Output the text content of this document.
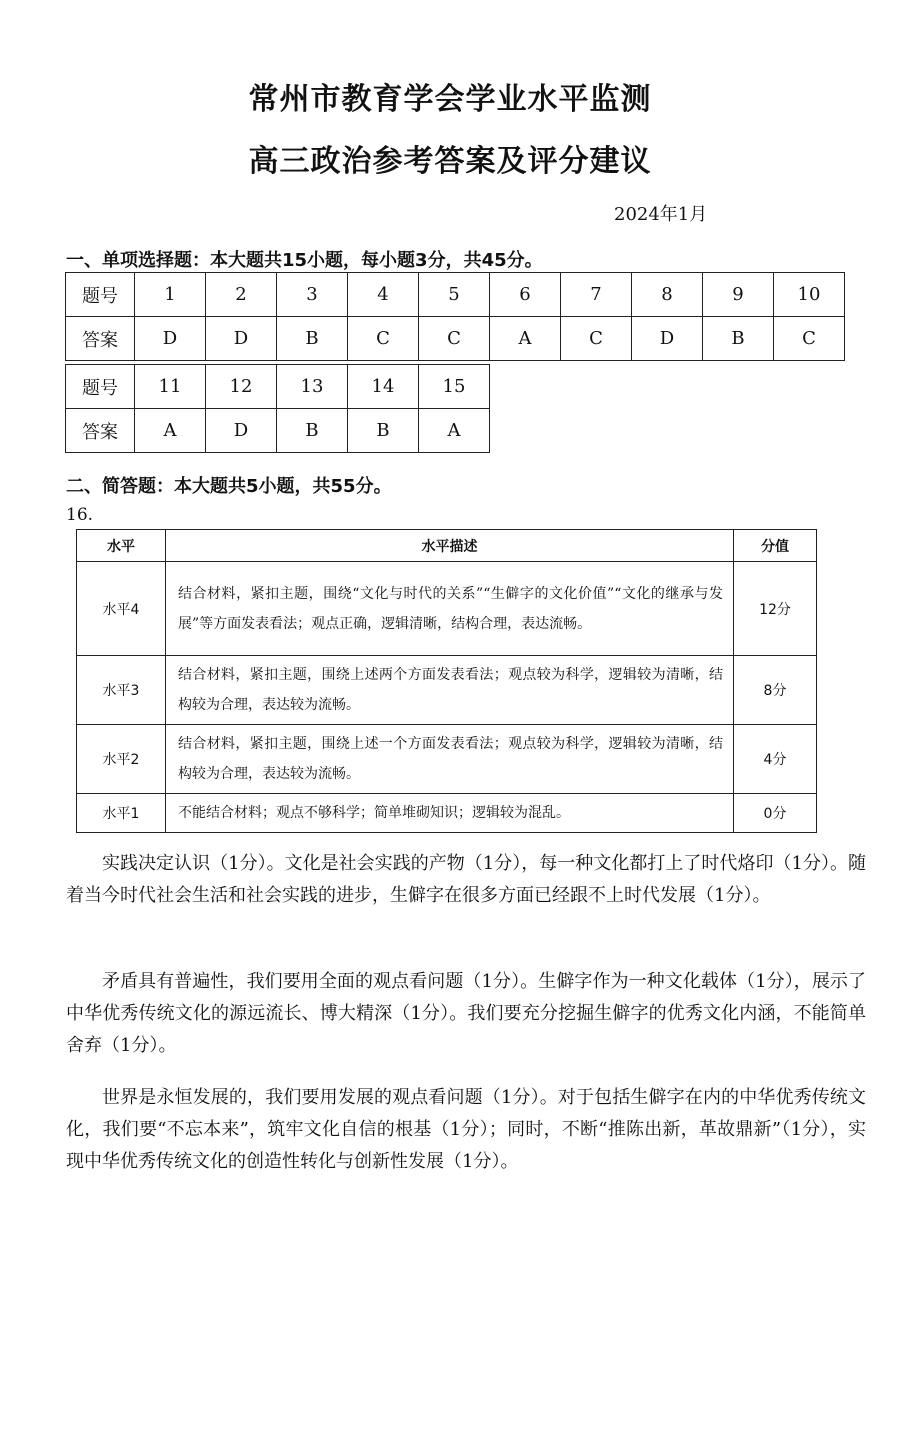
常州市教育学会学业水平监测
高三政治参考答案及评分建议
2024年1月
一、单项选择题：本大题共15小题，每小题3分，共45分。
题号	1	2	3	4	5	6	7	8	9	10
答案	D	D	B	C	C	A	C	D	B	C
题号	11	12	13	14	15
答案	A	D	B	B	A
二、简答题：本大题共5小题，共55分。
16.
水平	水平描述	分值
水平4	结合材料，紧扣主题，围绕“文化与时代的关系”“生僻字的文化价值”“文化的继承与发展”等方面发表看法；观点正确，逻辑清晰，结构合理，表达流畅。	12分
水平3	结合材料，紧扣主题，围绕上述两个方面发表看法；观点较为科学，逻辑较为清晰，结构较为合理，表达较为流畅。	8分
水平2	结合材料，紧扣主题，围绕上述一个方面发表看法；观点较为科学，逻辑较为清晰，结构较为合理，表达较为流畅。	4分
水平1	不能结合材料；观点不够科学；简单堆砌知识；逻辑较为混乱。	0分

实践决定认识（1分）。文化是社会实践的产物（1分），每一种文化都打上了时代烙印（1分）。随着当今时代社会生活和社会实践的进步，生僻字在很多方面已经跟不上时代发展（1分）。

矛盾具有普遍性，我们要用全面的观点看问题（1分）。生僻字作为一种文化载体（1分），展示了中华优秀传统文化的源远流长、博大精深（1分）。我们要充分挖掘生僻字的优秀文化内涵，不能简单舍弃（1分）。

世界是永恒发展的，我们要用发展的观点看问题（1分）。对于包括生僻字在内的中华优秀传统文化，我们要“不忘本来”，筑牢文化自信的根基（1分）；同时，不断“推陈出新，革故鼎新”（1分），实现中华优秀传统文化的创造性转化与创新性发展（1分）。
